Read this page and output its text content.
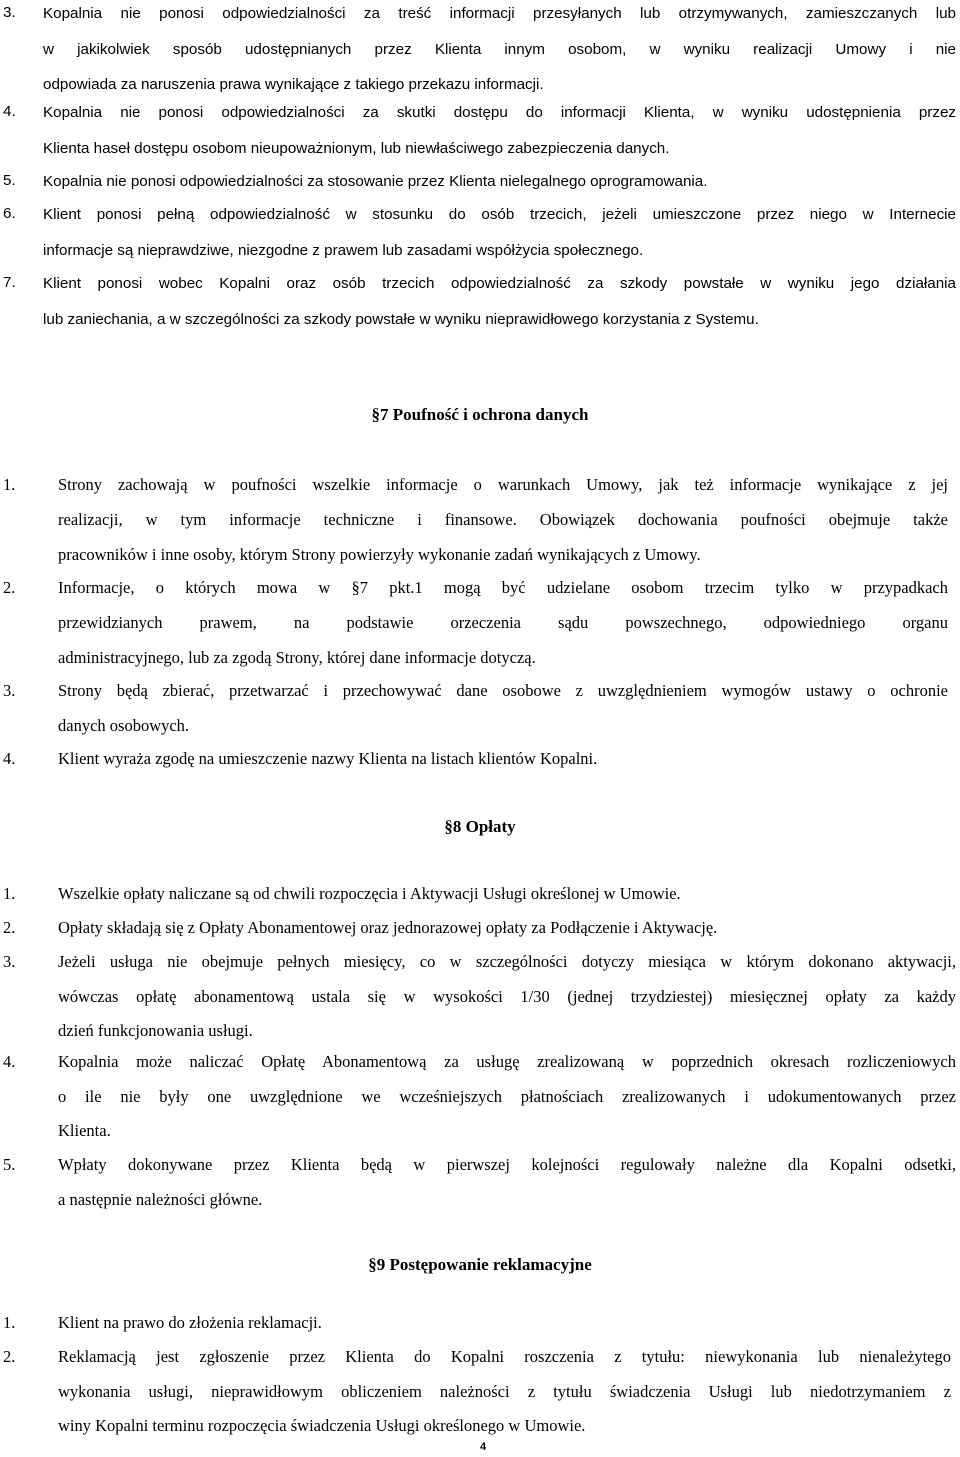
3. Kopalnia nie ponosi odpowiedzialności za treść informacji przesyłanych lub otrzymywanych, zamieszczanych lub
w jakikolwiek sposób udostępnianych przez Klienta innym osobom, w wyniku realizacji Umowy i nie
odpowiada za naruszenia prawa wynikające z takiego przekazu informacji.
4. Kopalnia nie ponosi odpowiedzialności za skutki dostępu do informacji Klienta, w wyniku udostępnienia przez
Klienta haseł dostępu osobom nieupoważnionym, lub niewłaściwego zabezpieczenia danych.
5. Kopalnia nie ponosi odpowiedzialności za stosowanie przez Klienta nielegalnego oprogramowania.
6. Klient ponosi pełną odpowiedzialność w stosunku do osób trzecich, jeżeli umieszczone przez niego w Internecie
informacje są nieprawdziwe, niezgodne z prawem lub zasadami współżycia społecznego.
7. Klient ponosi wobec Kopalni oraz osób trzecich odpowiedzialność za szkody powstałe w wyniku jego działania
lub zaniechania, a w szczególności za szkody powstałe w wyniku nieprawidłowego korzystania z Systemu.
1.	Strony zachowają w poufności wszelkie informacje o warunkach Umowy, jak też informacje wynikające z jej
realizacji, w tym informacje techniczne i finansowe. Obowiązek dochowania poufności obejmuje także
pracowników i inne osoby, którym Strony powierzyły wykonanie zadań wynikających z Umowy.
2.	Informacje, o których mowa w §7 pkt.1 mogą być udzielane osobom trzecim tylko w przypadkach
przewidzianych prawem, na podstawie orzeczenia sądu powszechnego, odpowiedniego organu
administracyjnego, lub za zgodą Strony, której dane informacje dotyczą.
3.	Strony będą zbierać, przetwarzać i przechowywać dane osobowe z uwzględnieniem wymogów ustawy o ochronie
danych osobowych.
4.	Klient wyraża zgodę na umieszczenie nazwy Klienta na listach klientów Kopalni.
1.	Wszelkie opłaty naliczane są od chwili rozpoczęcia i Aktywacji Usługi określonej w Umowie.
2.	Opłaty składają się z Opłaty Abonamentowej oraz jednorazowej opłaty za Podłączenie i Aktywację.
3.	Jeżeli usługa nie obejmuje pełnych miesięcy, co w szczególności dotyczy miesiąca w którym dokonano aktywacji,
wówczas opłatę abonamentową ustala się w wysokości 1/30 (jednej trzydziestej) miesięcznej opłaty za każdy
dzień funkcjonowania usługi.
4.	Kopalnia może naliczać Opłatę Abonamentową za usługę zrealizowaną w poprzednich okresach rozliczeniowych
o ile nie były one uwzględnione we wcześniejszych płatnościach zrealizowanych i udokumentowanych przez
Klienta.
5.	Wpłaty dokonywane przez Klienta będą w pierwszej kolejności regulowały należne dla Kopalni odsetki,
a następnie należności główne.
1.	Klient na prawo do złożenia reklamacji.
2.	Reklamacją jest zgłoszenie przez Klienta do Kopalni roszczenia z tytułu: niewykonania lub nienależytego
wykonania usługi, nieprawidłowym obliczeniem należności z tytułu świadczenia Usługi lub niedotrzymaniem z
winy Kopalni terminu rozpoczęcia świadczenia Usługi określonego w Umowie.
§7 Poufność i ochrona danych
§8 Opłaty
§9 Postępowanie reklamacyjne
4
